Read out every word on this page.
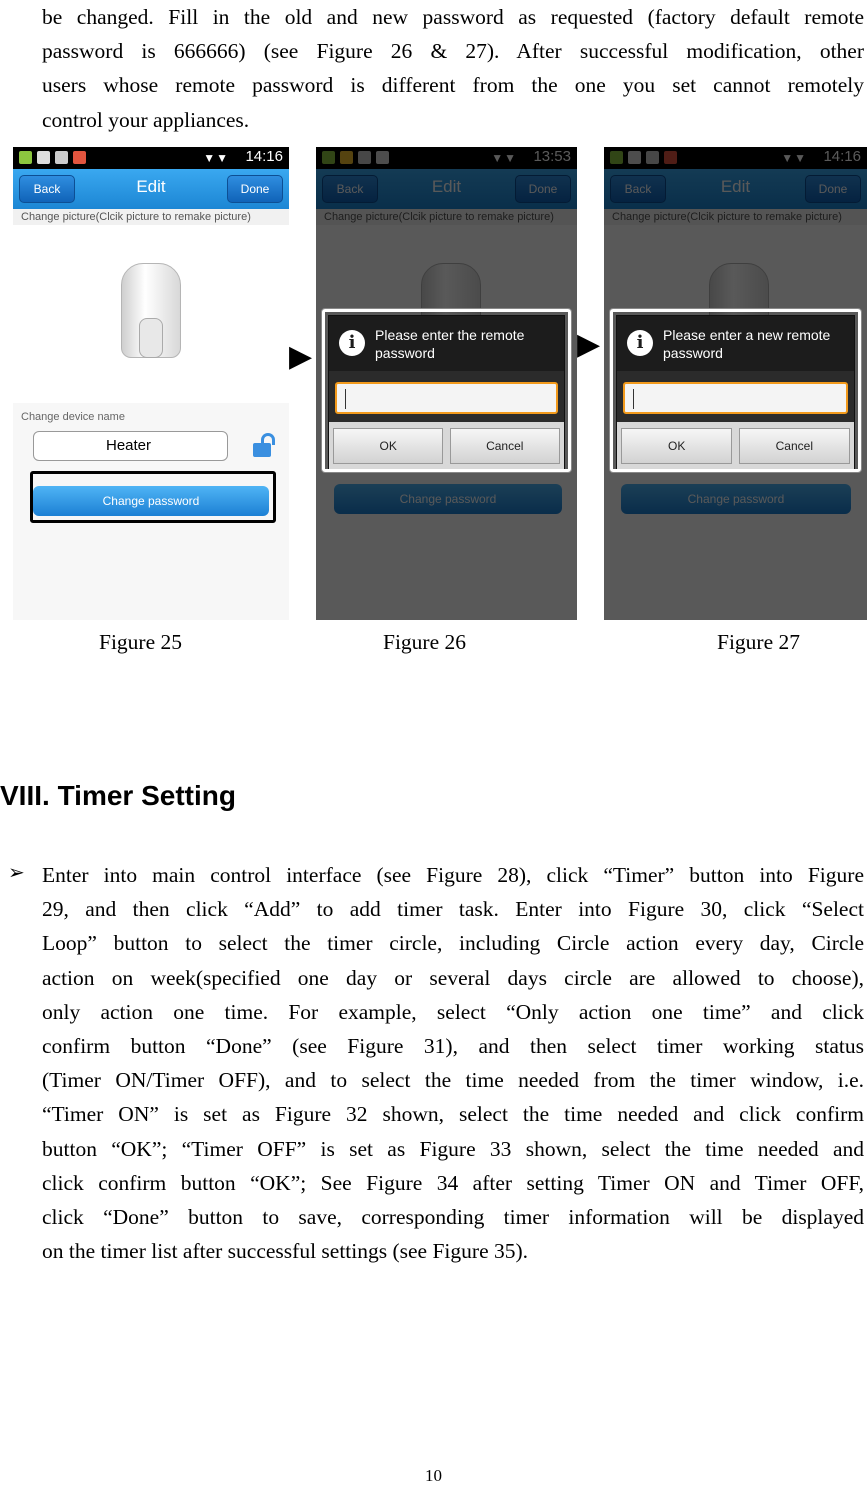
be changed. Fill in the old and new password as requested (factory default remote

password is 666666) (see Figure 26 & 27). After successful modification, other

users whose remote password is different from the one you set cannot remotely

control your appliances.

▼▼ 14:16
Back	Edit	Done
Change picture(Clcik picture to remake picture)
Change device name
Heater
Change password
▶
Please enter the remote password
i
OK	Cancel
▶	Please enter a new remote password
i
OK	Cancel
Figure 25	Figure 26	Figure 27
VIII. Timer Setting
➢ Enter into main control interface (see Figure 28), click “Timer” button into Figure

29, and then click “Add” to add timer task. Enter into Figure 30, click “Select

Loop” button to select the timer circle, including Circle action every day, Circle

action on week(specified one day or several days circle are allowed to choose),

only action one time. For example, select “Only action one time” and click

confirm button “Done” (see Figure 31), and then select timer working status

(Timer ON/Timer OFF), and to select the time needed from the timer window, i.e.

“Timer ON” is set as Figure 32 shown, select the time needed and click confirm

button “OK”; “Timer OFF” is set as Figure 33 shown, select the time needed and

click confirm button “OK”; See Figure 34 after setting Timer ON and Timer OFF,

click “Done” button to save, corresponding timer information will be displayed

on the timer list after successful settings (see Figure 35).

10
